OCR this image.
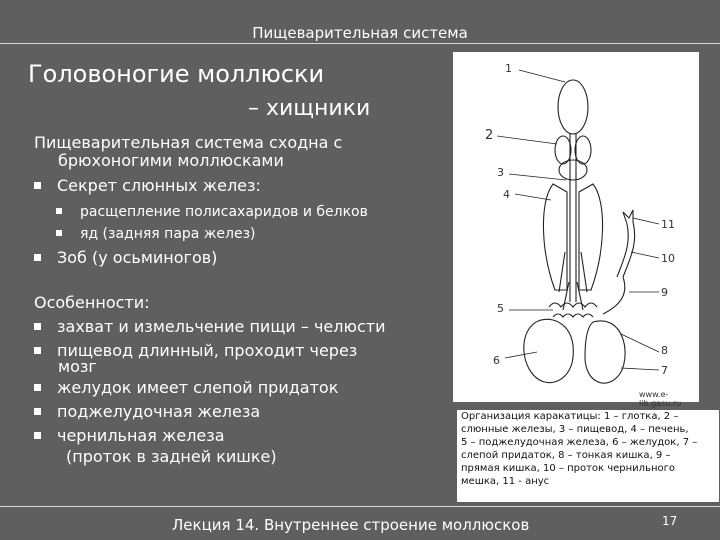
Пищеварительная система
Головоногие моллюски
– хищники
Пищеварительная система сходна с
брюхоногими моллюсками
Секрет слюнных желез:
расщепление полисахаридов и белков
яд (задняя пара желез)
Зоб (у осьминогов)
Особенности:
захват и измельчение пищи – челюсти
пищевод длинный, проходит через
мозг
желудок имеет слепой придаток
поджелудочная железа
чернильная железа
(проток в задней кишке)
1
2
3
4
5
6
7
8
9
10
11
www.e-lib.gasu.ru
Организация каракатицы: 1 – глотка, 2 –
слюнные железы, 3 – пищевод, 4 – печень,
5 – поджелудочная железа, 6 – желудок, 7 –
слепой придаток, 8 – тонкая кишка, 9 –
прямая кишка, 10 – проток чернильного
мешка, 11 - анус
Лекция 14. Внутреннее строение моллюсков	17
